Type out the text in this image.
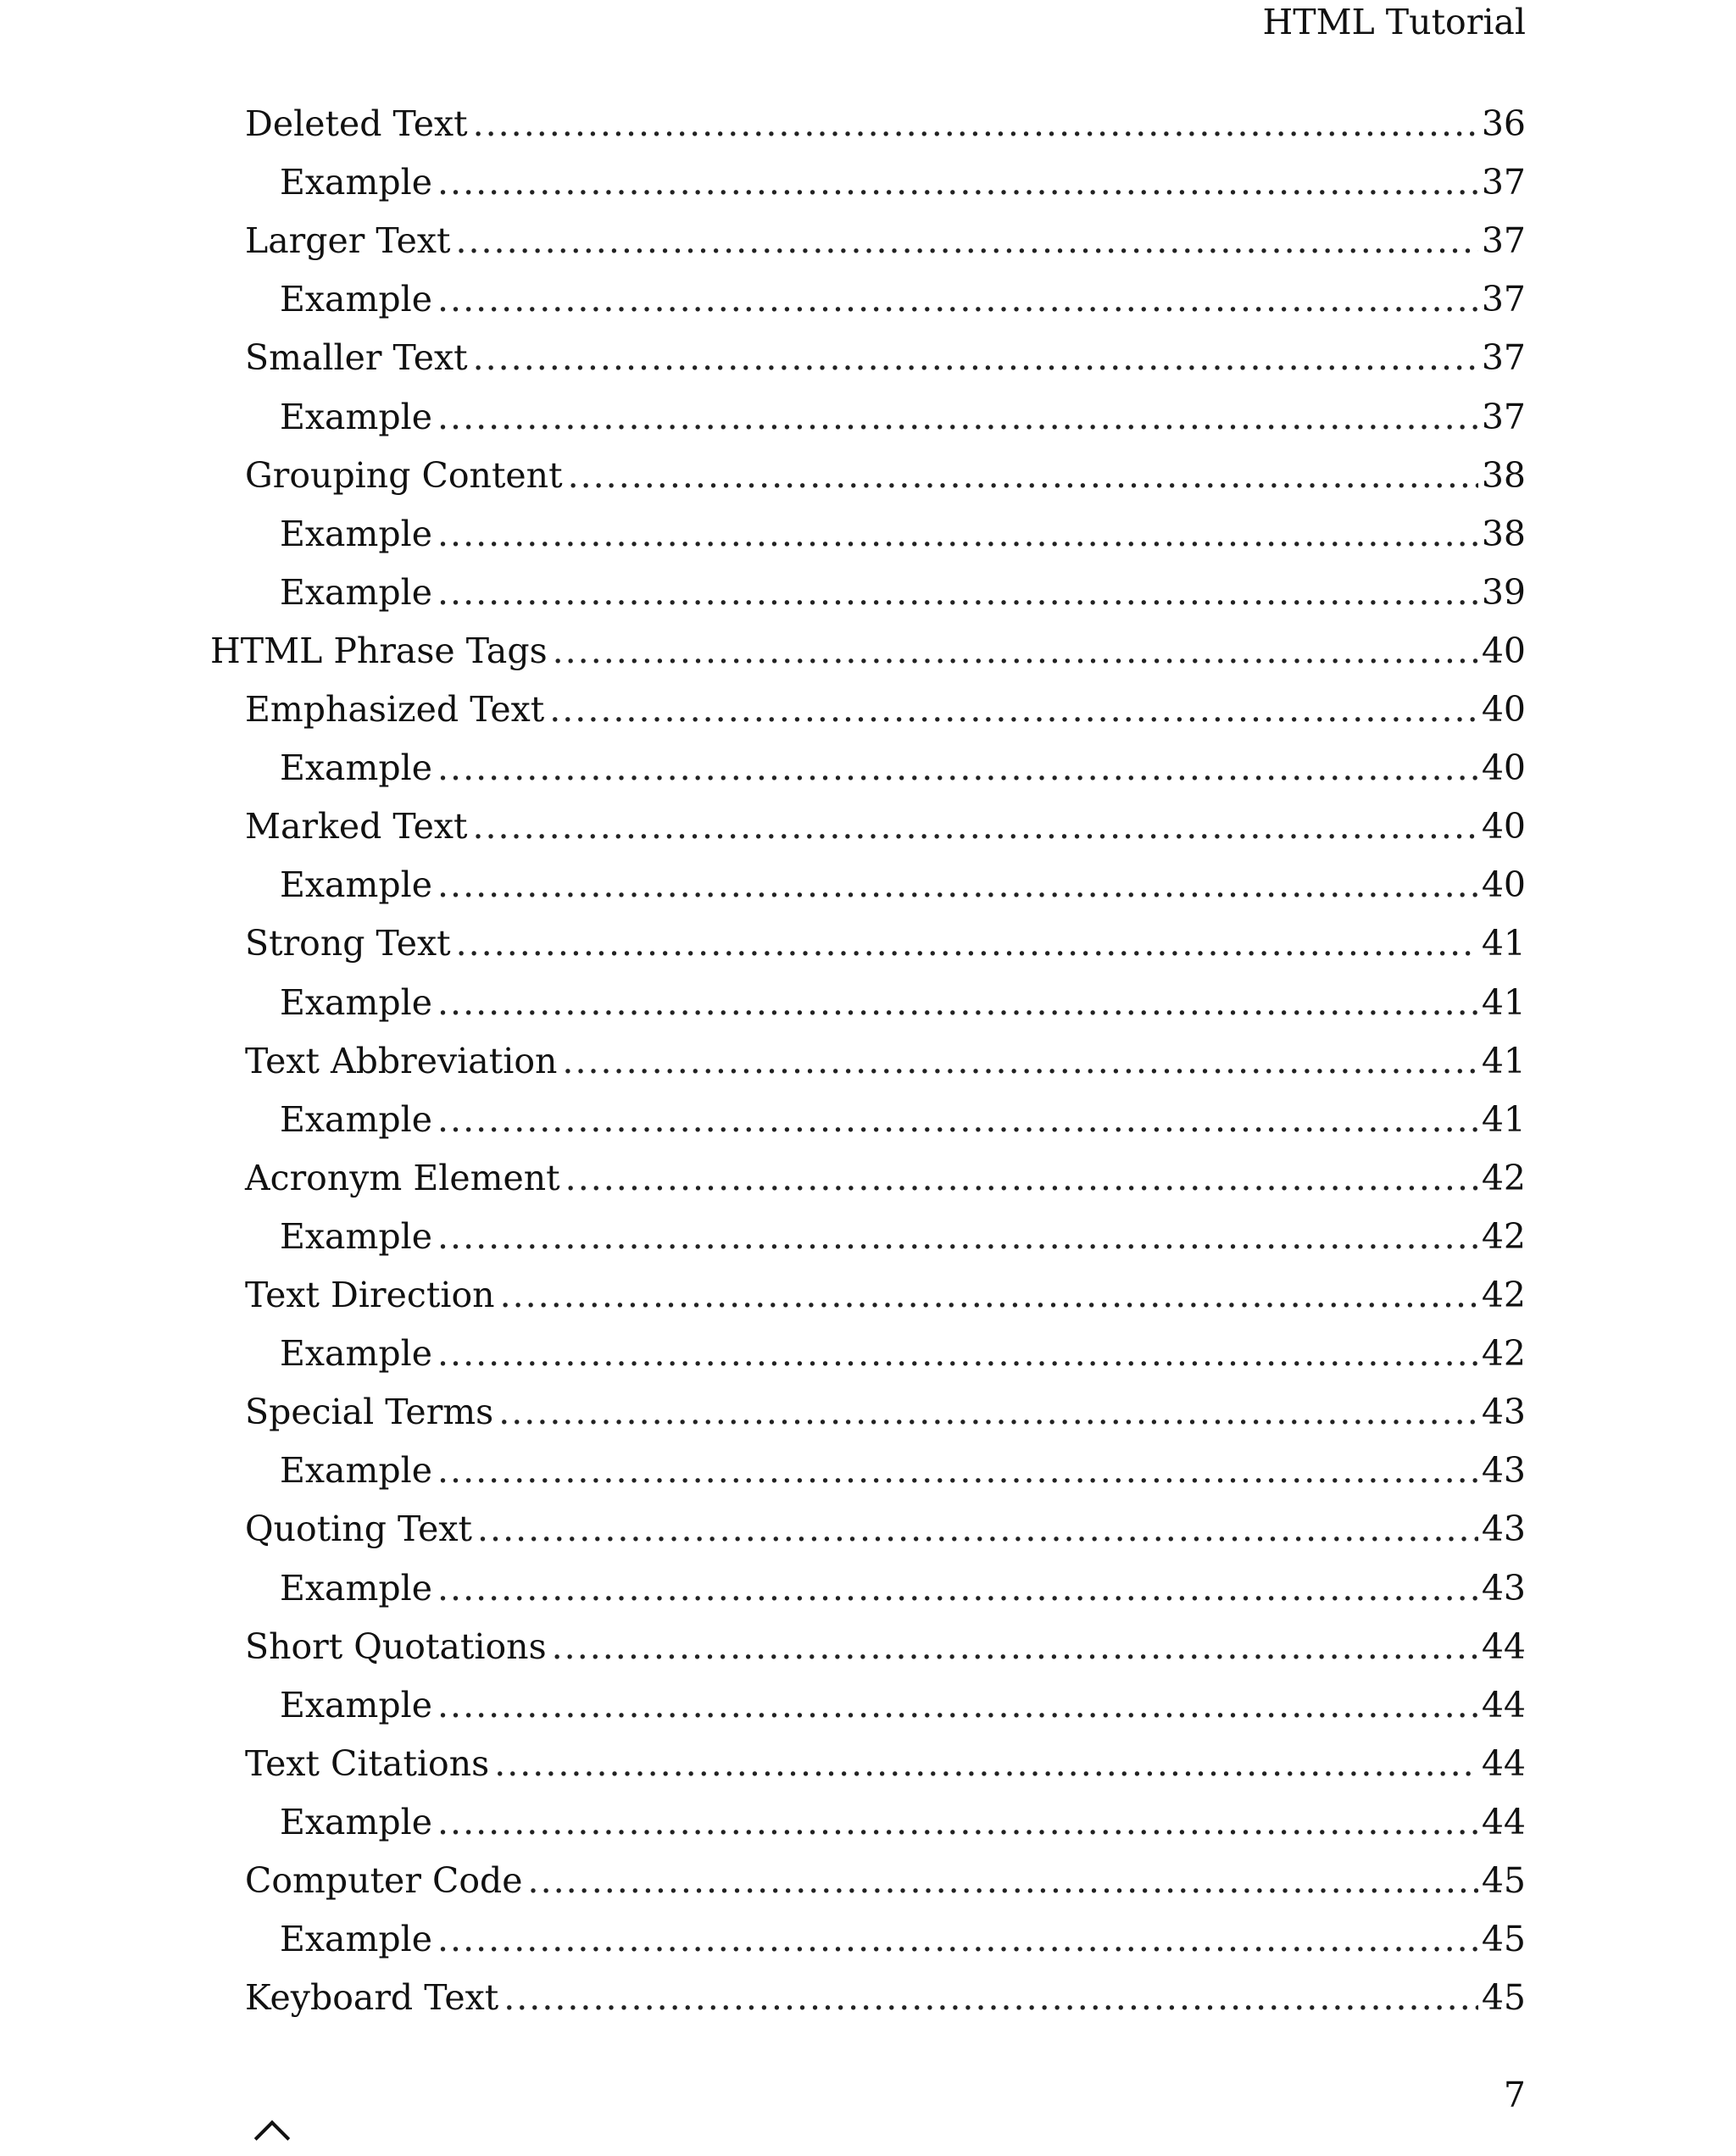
HTML Tutorial
Deleted Text .....	36
Example .....	37
Larger Text .....	37
Example .....	37
Smaller Text .....	37
Example .....	37
Grouping Content .....	38
Example .....	38
Example .....	39
HTML Phrase Tags .....	40
Emphasized Text .....	40
Example .....	40
Marked Text .....	40
Example .....	40
Strong Text .....	41
Example .....	41
Text Abbreviation .....	41
Example .....	41
Acronym Element .....	42
Example .....	42
Text Direction .....	42
Example .....	42
Special Terms .....	43
Example .....	43
Quoting Text .....	43
Example .....	43
Short Quotations .....	44
Example .....	44
Text Citations .....	44
Example .....	44
Computer Code .....	45
Example .....	45
Keyboard Text .....	45
7
